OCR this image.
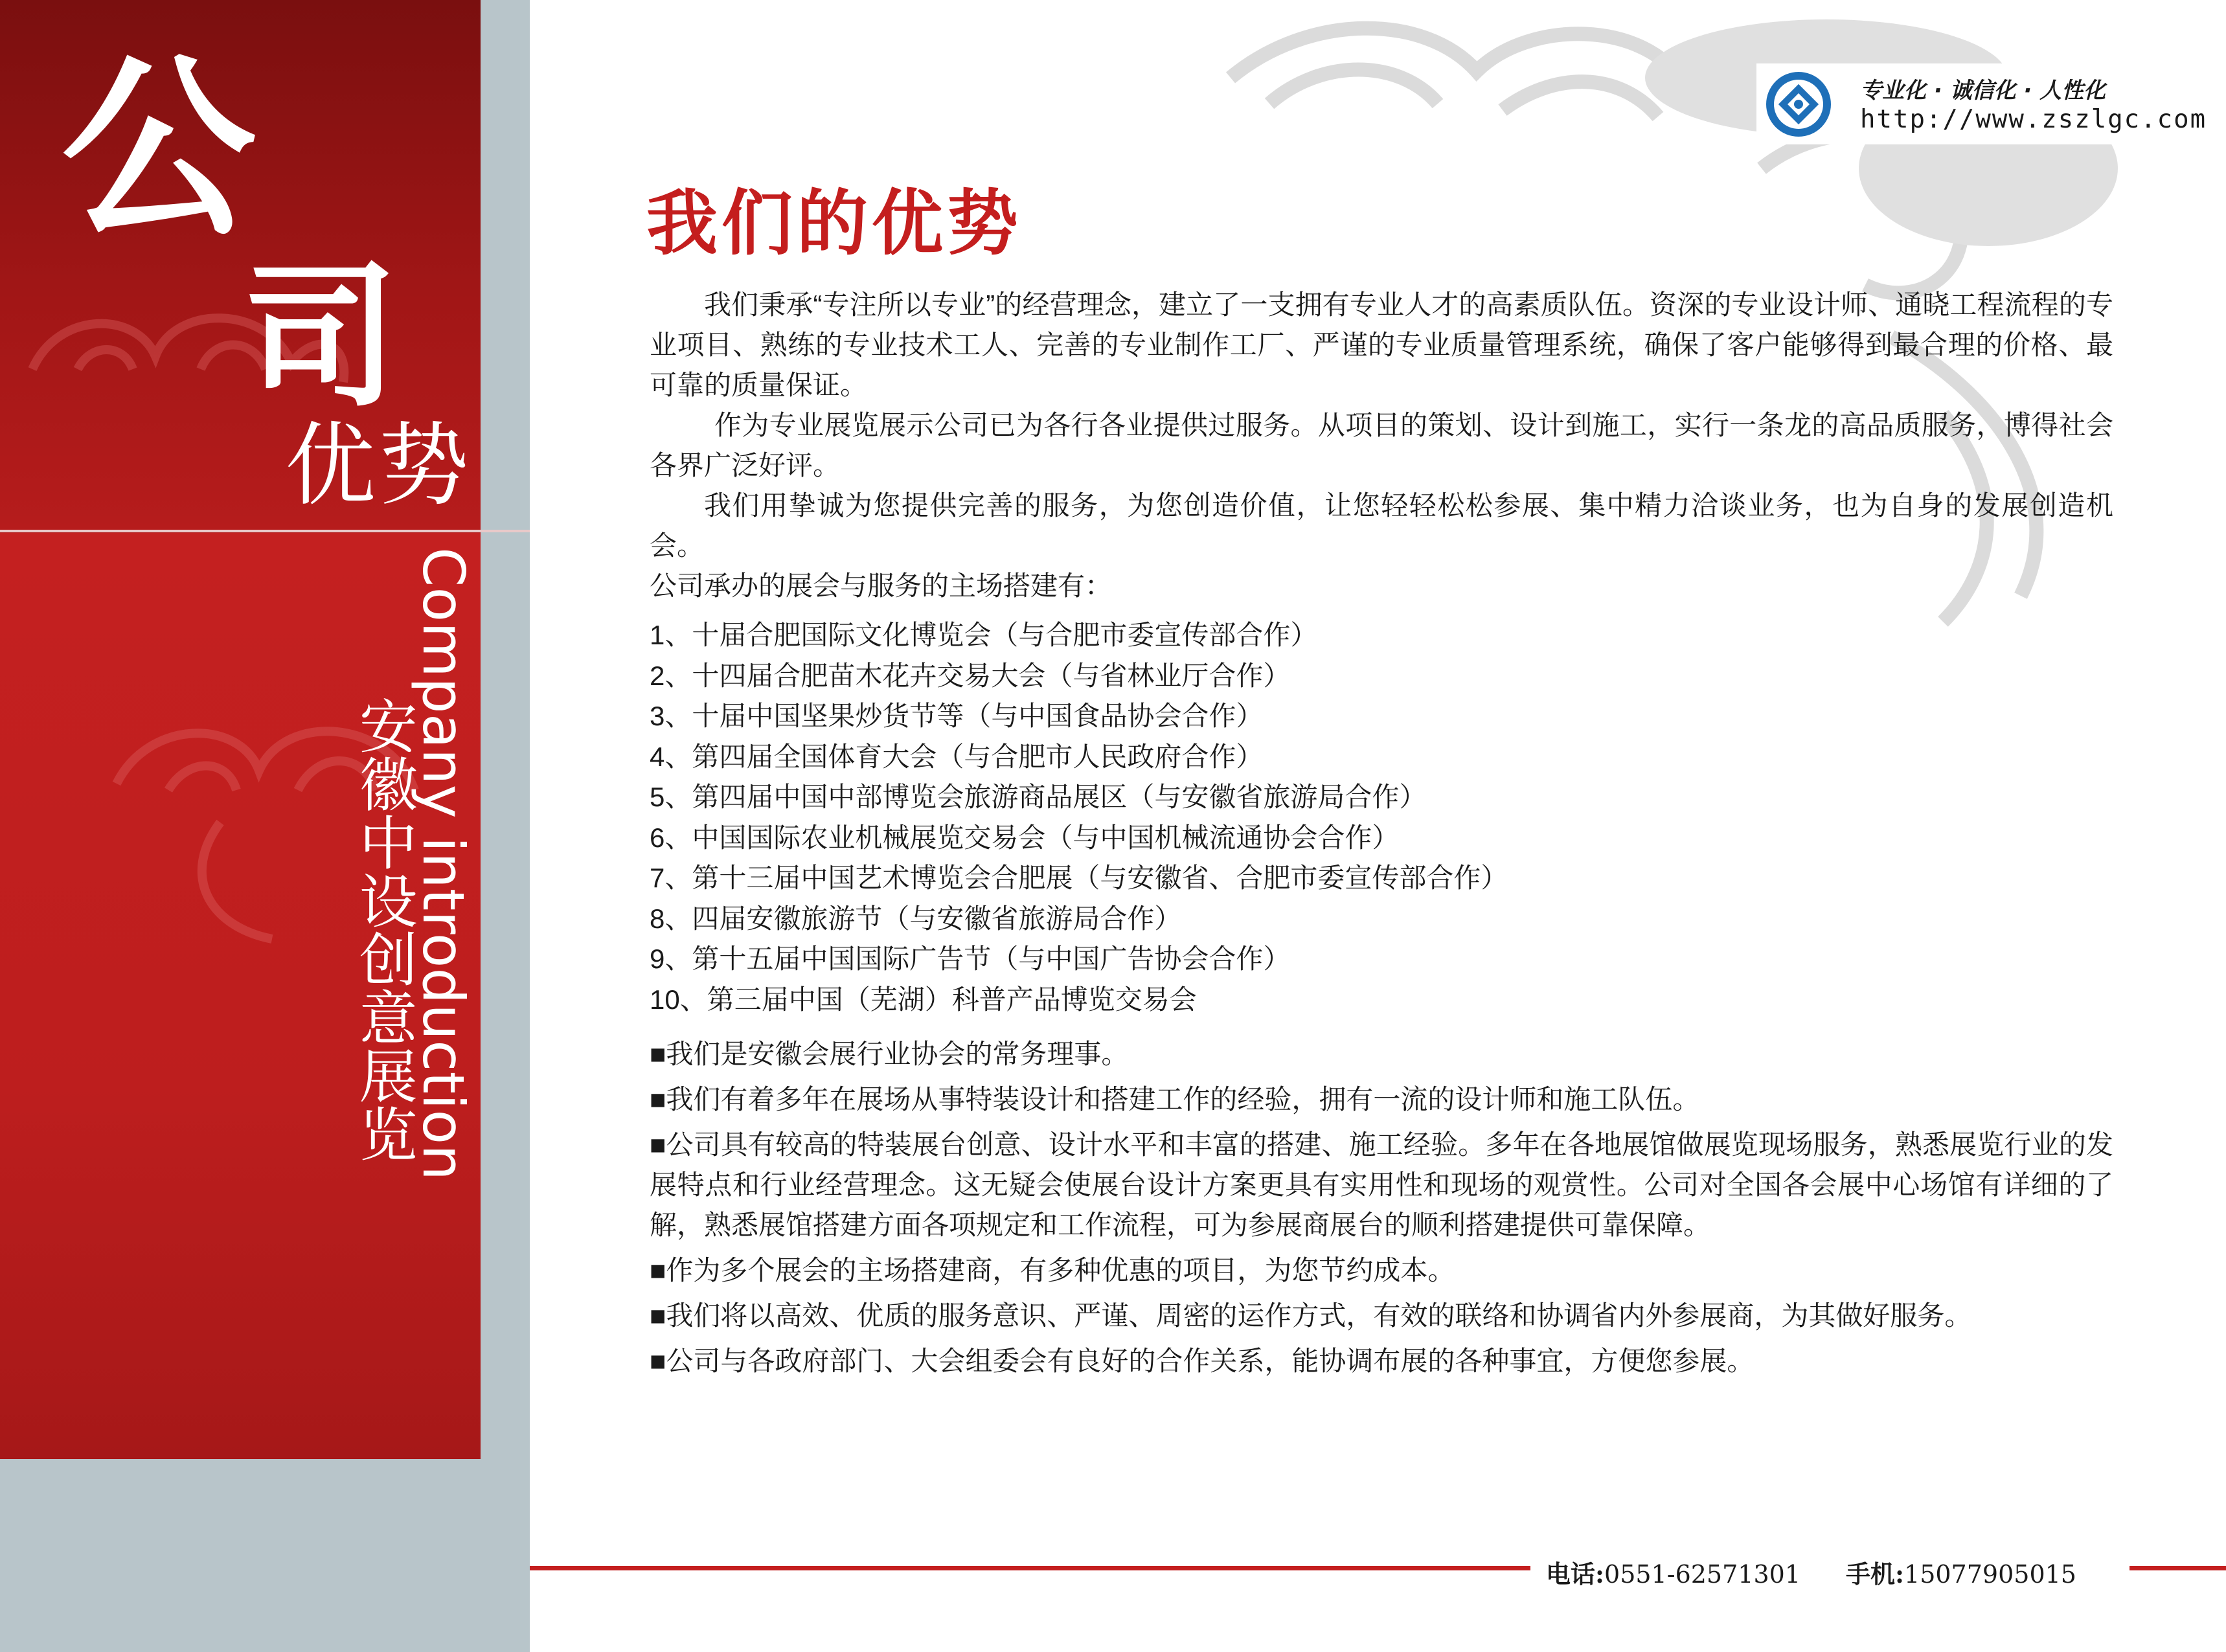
公
司
优势
Company introduction
安徽中设创意展览
专业化 · 诚信化 · 人性化
http://www.zszlgc.com
我们的优势

我们秉承“专注所以专业”的经营理念，建立了一支拥有专业人才的高素质队伍。资深的专业设计师、通晓工程流程的专业项目、熟练的专业技术工人、完善的专业制作工厂、严谨的专业质量管理系统，确保了客户能够得到最合理的价格、最可靠的质量保证。

作为专业展览展示公司已为各行各业提供过服务。从项目的策划、设计到施工，实行一条龙的高品质服务，博得社会各界广泛好评。

我们用挚诚为您提供完善的服务，为您创造价值，让您轻轻松松参展、集中精力洽谈业务，也为自身的发展创造机会。

公司承办的展会与服务的主场搭建有：

1、十届合肥国际文化博览会（与合肥市委宣传部合作）

2、十四届合肥苗木花卉交易大会（与省林业厅合作）

3、十届中国坚果炒货节等（与中国食品协会合作）

4、第四届全国体育大会（与合肥市人民政府合作）

5、第四届中国中部博览会旅游商品展区（与安徽省旅游局合作）

6、中国国际农业机械展览交易会（与中国机械流通协会合作）

7、第十三届中国艺术博览会合肥展（与安徽省、合肥市委宣传部合作）

8、四届安徽旅游节（与安徽省旅游局合作）

9、第十五届中国国际广告节（与中国广告协会合作）

10、第三届中国（芜湖）科普产品博览交易会

■我们是安徽会展行业协会的常务理事。

■我们有着多年在展场从事特装设计和搭建工作的经验，拥有一流的设计师和施工队伍。

■公司具有较高的特装展台创意、设计水平和丰富的搭建、施工经验。多年在各地展馆做展览现场服务，熟悉展览行业的发展特点和行业经营理念。这无疑会使展台设计方案更具有实用性和现场的观赏性。公司对全国各会展中心场馆有详细的了解，熟悉展馆搭建方面各项规定和工作流程，可为参展商展台的顺利搭建提供可靠保障。

■作为多个展会的主场搭建商，有多种优惠的项目，为您节约成本。

■我们将以高效、优质的服务意识、严谨、周密的运作方式，有效的联络和协调省内外参展商，为其做好服务。

■公司与各政府部门、大会组委会有良好的合作关系，能协调布展的各种事宜，方便您参展。

电话:0551-62571301 手机:15077905015
